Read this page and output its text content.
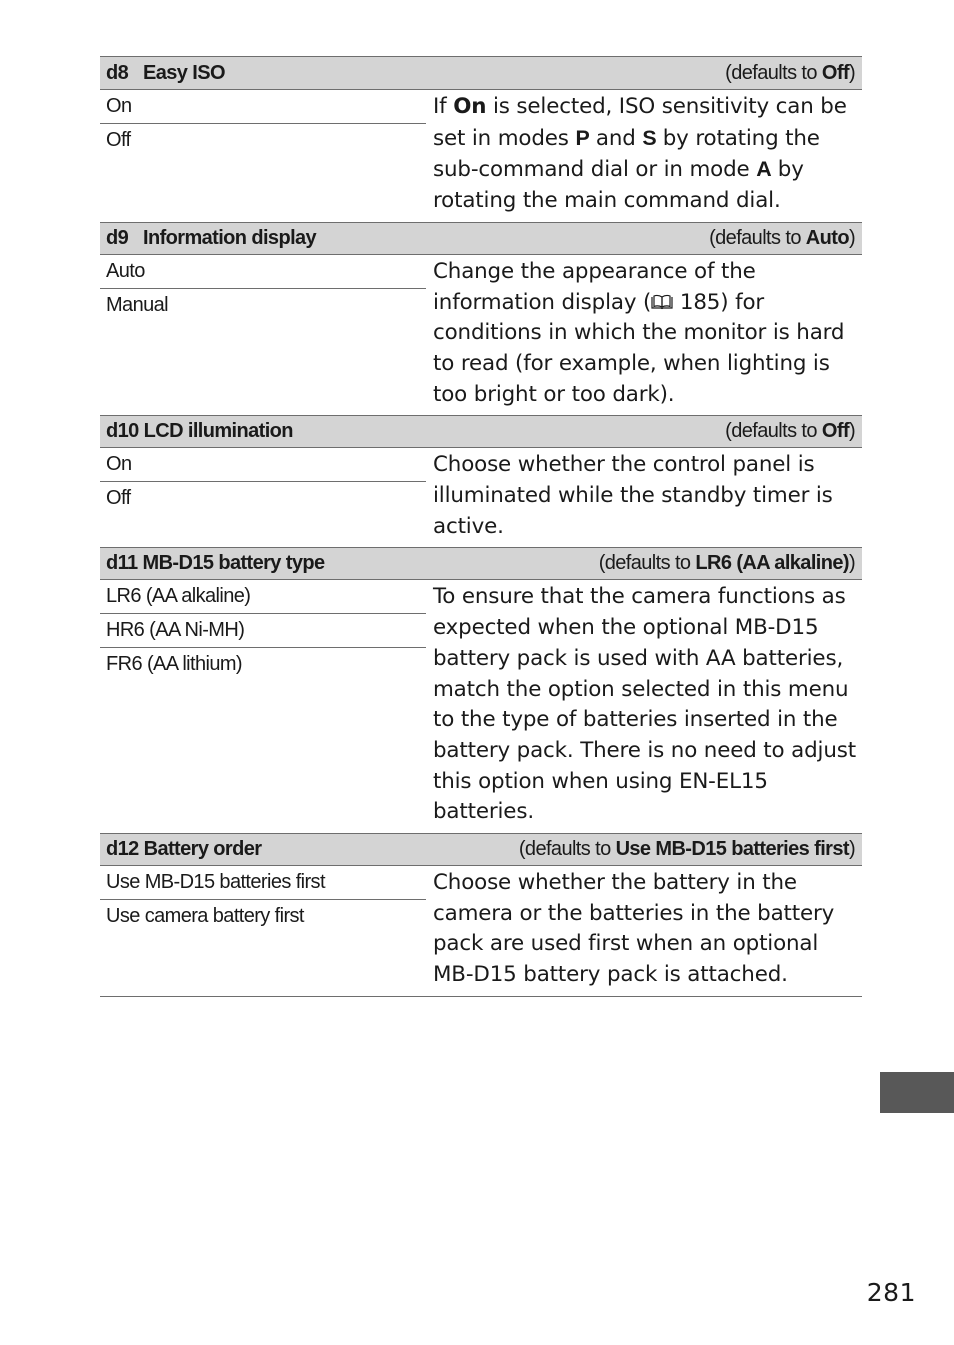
d8   Easy ISO	(defaults to Off)
On
Off
If On is selected, ISO sensitivity can be set in modes P and S by rotating the sub-command dial or in mode A by rotating the main command dial.
d9   Information display	(defaults to Auto)
Auto
Manual
Change the appearance of the information display ( 185) for conditions in which the monitor is hard to read (for example, when lighting is too bright or too dark).
d10 LCD illumination	(defaults to Off)
On
Off
Choose whether the control panel is illuminated while the standby timer is active.
d11 MB-D15 battery type	(defaults to LR6 (AA alkaline))
LR6 (AA alkaline)
HR6 (AA Ni-MH)
FR6 (AA lithium)
To ensure that the camera functions as expected when the optional MB-D15 battery pack is used with AA batteries, match the option selected in this menu to the type of batteries inserted in the battery pack. There is no need to adjust this option when using EN-EL15 batteries.
d12 Battery order	(defaults to Use MB-D15 batteries first)
Use MB-D15 batteries first
Use camera battery first
Choose whether the battery in the camera or the batteries in the battery pack are used first when an optional MB-D15 battery pack is attached.
281
